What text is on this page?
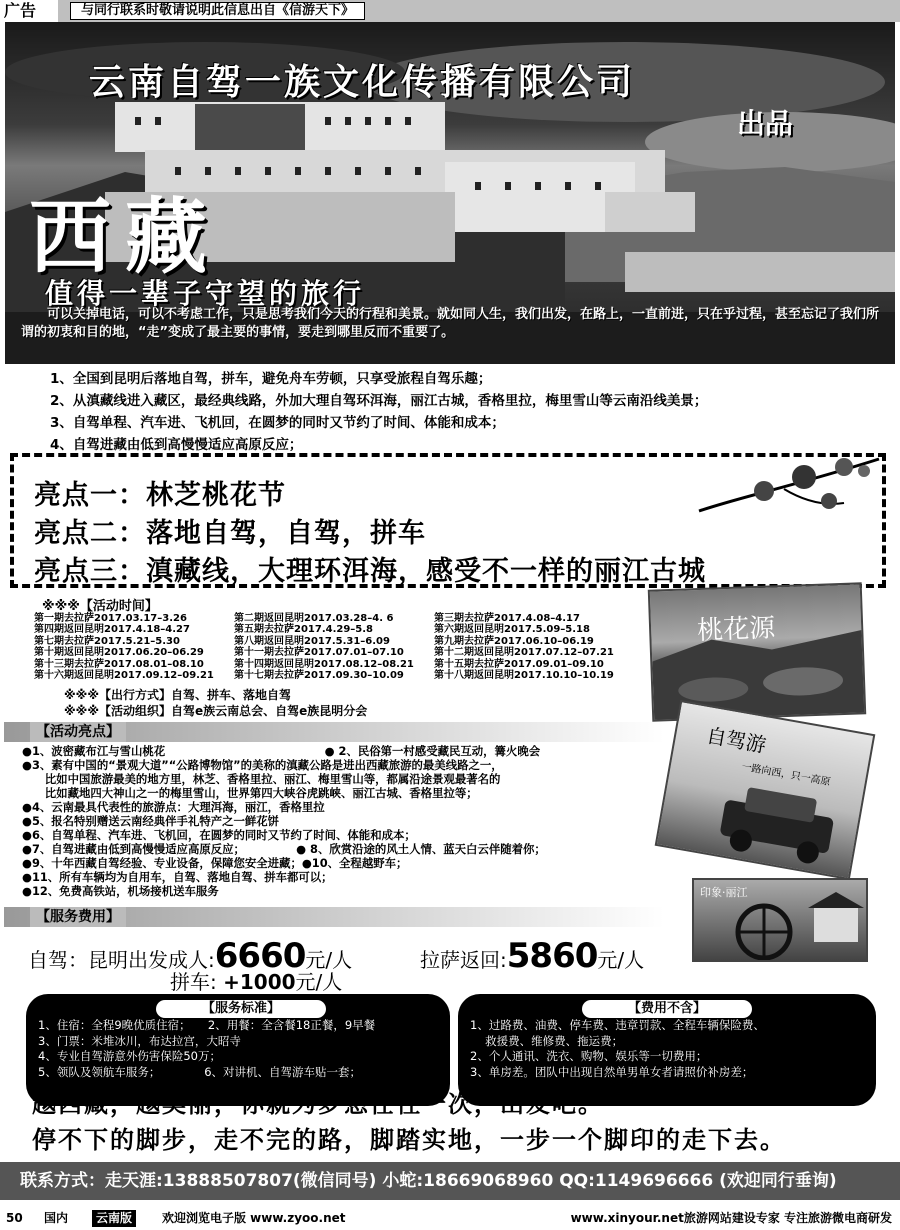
广告	与同行联系时敬请说明此信息出自《信游天下》
云南自驾一族文化传播有限公司
出品
西藏
值得一辈子守望的旅行
可以关掉电话，可以不考虑工作，只是思考我们今天的行程和美景。就如同人生，我们出发，在路上，一直前进，只在乎过程，甚至忘记了我们所谓的初衷和目的地，“走”变成了最主要的事情，要走到哪里反而不重要了。
1、全国到昆明后落地自驾，拼车，避免舟车劳顿，只享受旅程自驾乐趣；
2、从滇藏线进入藏区，最经典线路，外加大理自驾环洱海，丽江古城，香格里拉，梅里雪山等云南沿线美景；
3、自驾单程、汽车进、飞机回，在圆梦的同时又节约了时间、体能和成本；
4、自驾进藏由低到高慢慢适应高原反应；
亮点一：林芝桃花节
亮点二：落地自驾，自驾，拼车
亮点三：滇藏线，大理环洱海，感受不一样的丽江古城
※※※【活动时间】
第一期去拉萨2017.03.17–3.26	第二期返回昆明2017.03.28–4. 6	第三期去拉萨2017.4.08–4.17
第四期返回昆明2017.4.18–4.27	第五期去拉萨2017.4.29–5.8	第六期返回昆明2017.5.09–5.18
第七期去拉萨2017.5.21–5.30	第八期返回昆明2017.5.31–6.09	第九期去拉萨2017.06.10–06.19
第十期返回昆明2017.06.20–06.29	第十一期去拉萨2017.07.01–07.10	第十二期返回昆明2017.07.12–07.21
第十三期去拉萨2017.08.01–08.10	第十四期返回昆明2017.08.12–08.21	第十五期去拉萨2017.09.01–09.10
第十六期返回昆明2017.09.12–09.21	第十七期去拉萨2017.09.30–10.09	第十八期返回昆明2017.10.10–10.19
※※※【出行方式】自驾、拼车、落地自驾
※※※【活动组织】自驾e族云南总会、自驾e族昆明分会
桃花源
自驾游
一路向西，只一高原
印象·丽江
【活动亮点】
●1、波密藏布江与雪山桃花　　　　　　　　　　　　　　● 2、民俗第一村感受藏民互动，篝火晚会
●3、素有中国的“景观大道”“公路博物馆”的美称的滇藏公路是进出西藏旅游的最美线路之一，
　　比如中国旅游最美的地方里，林芝、香格里拉、丽江、梅里雪山等，都属沿途景观最著名的
　　比如藏地四大神山之一的梅里雪山，世界第四大峡谷虎跳峡、丽江古城、香格里拉等；
●4、云南最具代表性的旅游点：大理洱海，丽江，香格里拉
●5、报名特别赠送云南经典伴手礼特产之一鲜花饼
●6、自驾单程、汽车进、飞机回，在圆梦的同时又节约了时间、体能和成本；
●7、自驾进藏由低到高慢慢适应高原反应；　　　　　● 8、欣赏沿途的风土人情、蓝天白云伴随着你；
●9、十年西藏自驾经验、专业设备，保障您安全进藏；●10、全程越野车；
●11、所有车辆均为自用车，自驾、落地自驾、拼车都可以；
●12、免费高铁站，机场接机送车服务
【服务费用】
自驾：昆明出发成人:6660元/人	拉萨返回:5860元/人
拼车: +1000元/人
【服务标准】
1、住宿：全程9晚优质住宿；　　2、用餐：全含餐18正餐，9早餐
3、门票：米堆冰川，布达拉宫，大昭寺
4、专业自驾游意外伤害保险50万；
5、领队及领航车服务；　　　　 6、对讲机、自驾游车贴一套；
【费用不含】
1、过路费、油费、停车费、违章罚款、全程车辆保险费、
　 救援费、维修费、拖运费；
2、个人通讯、洗衣、购物、娱乐等一切费用；
3、单房差。团队中出现自然单男单女者请照价补房差；
越西藏，越美丽，你就为梦想任性一次，出发吧。
停不下的脚步，走不完的路，脚踏实地，一步一个脚印的走下去。
联系方式：走天涯:13888507807(微信同号) 小蛇:18669068960 QQ:1149696666 (欢迎同行垂询)
50 国内	云南版	欢迎浏览电子版 www.zyoo.net	www.xinyour.net旅游网站建设专家 专注旅游微电商研发
